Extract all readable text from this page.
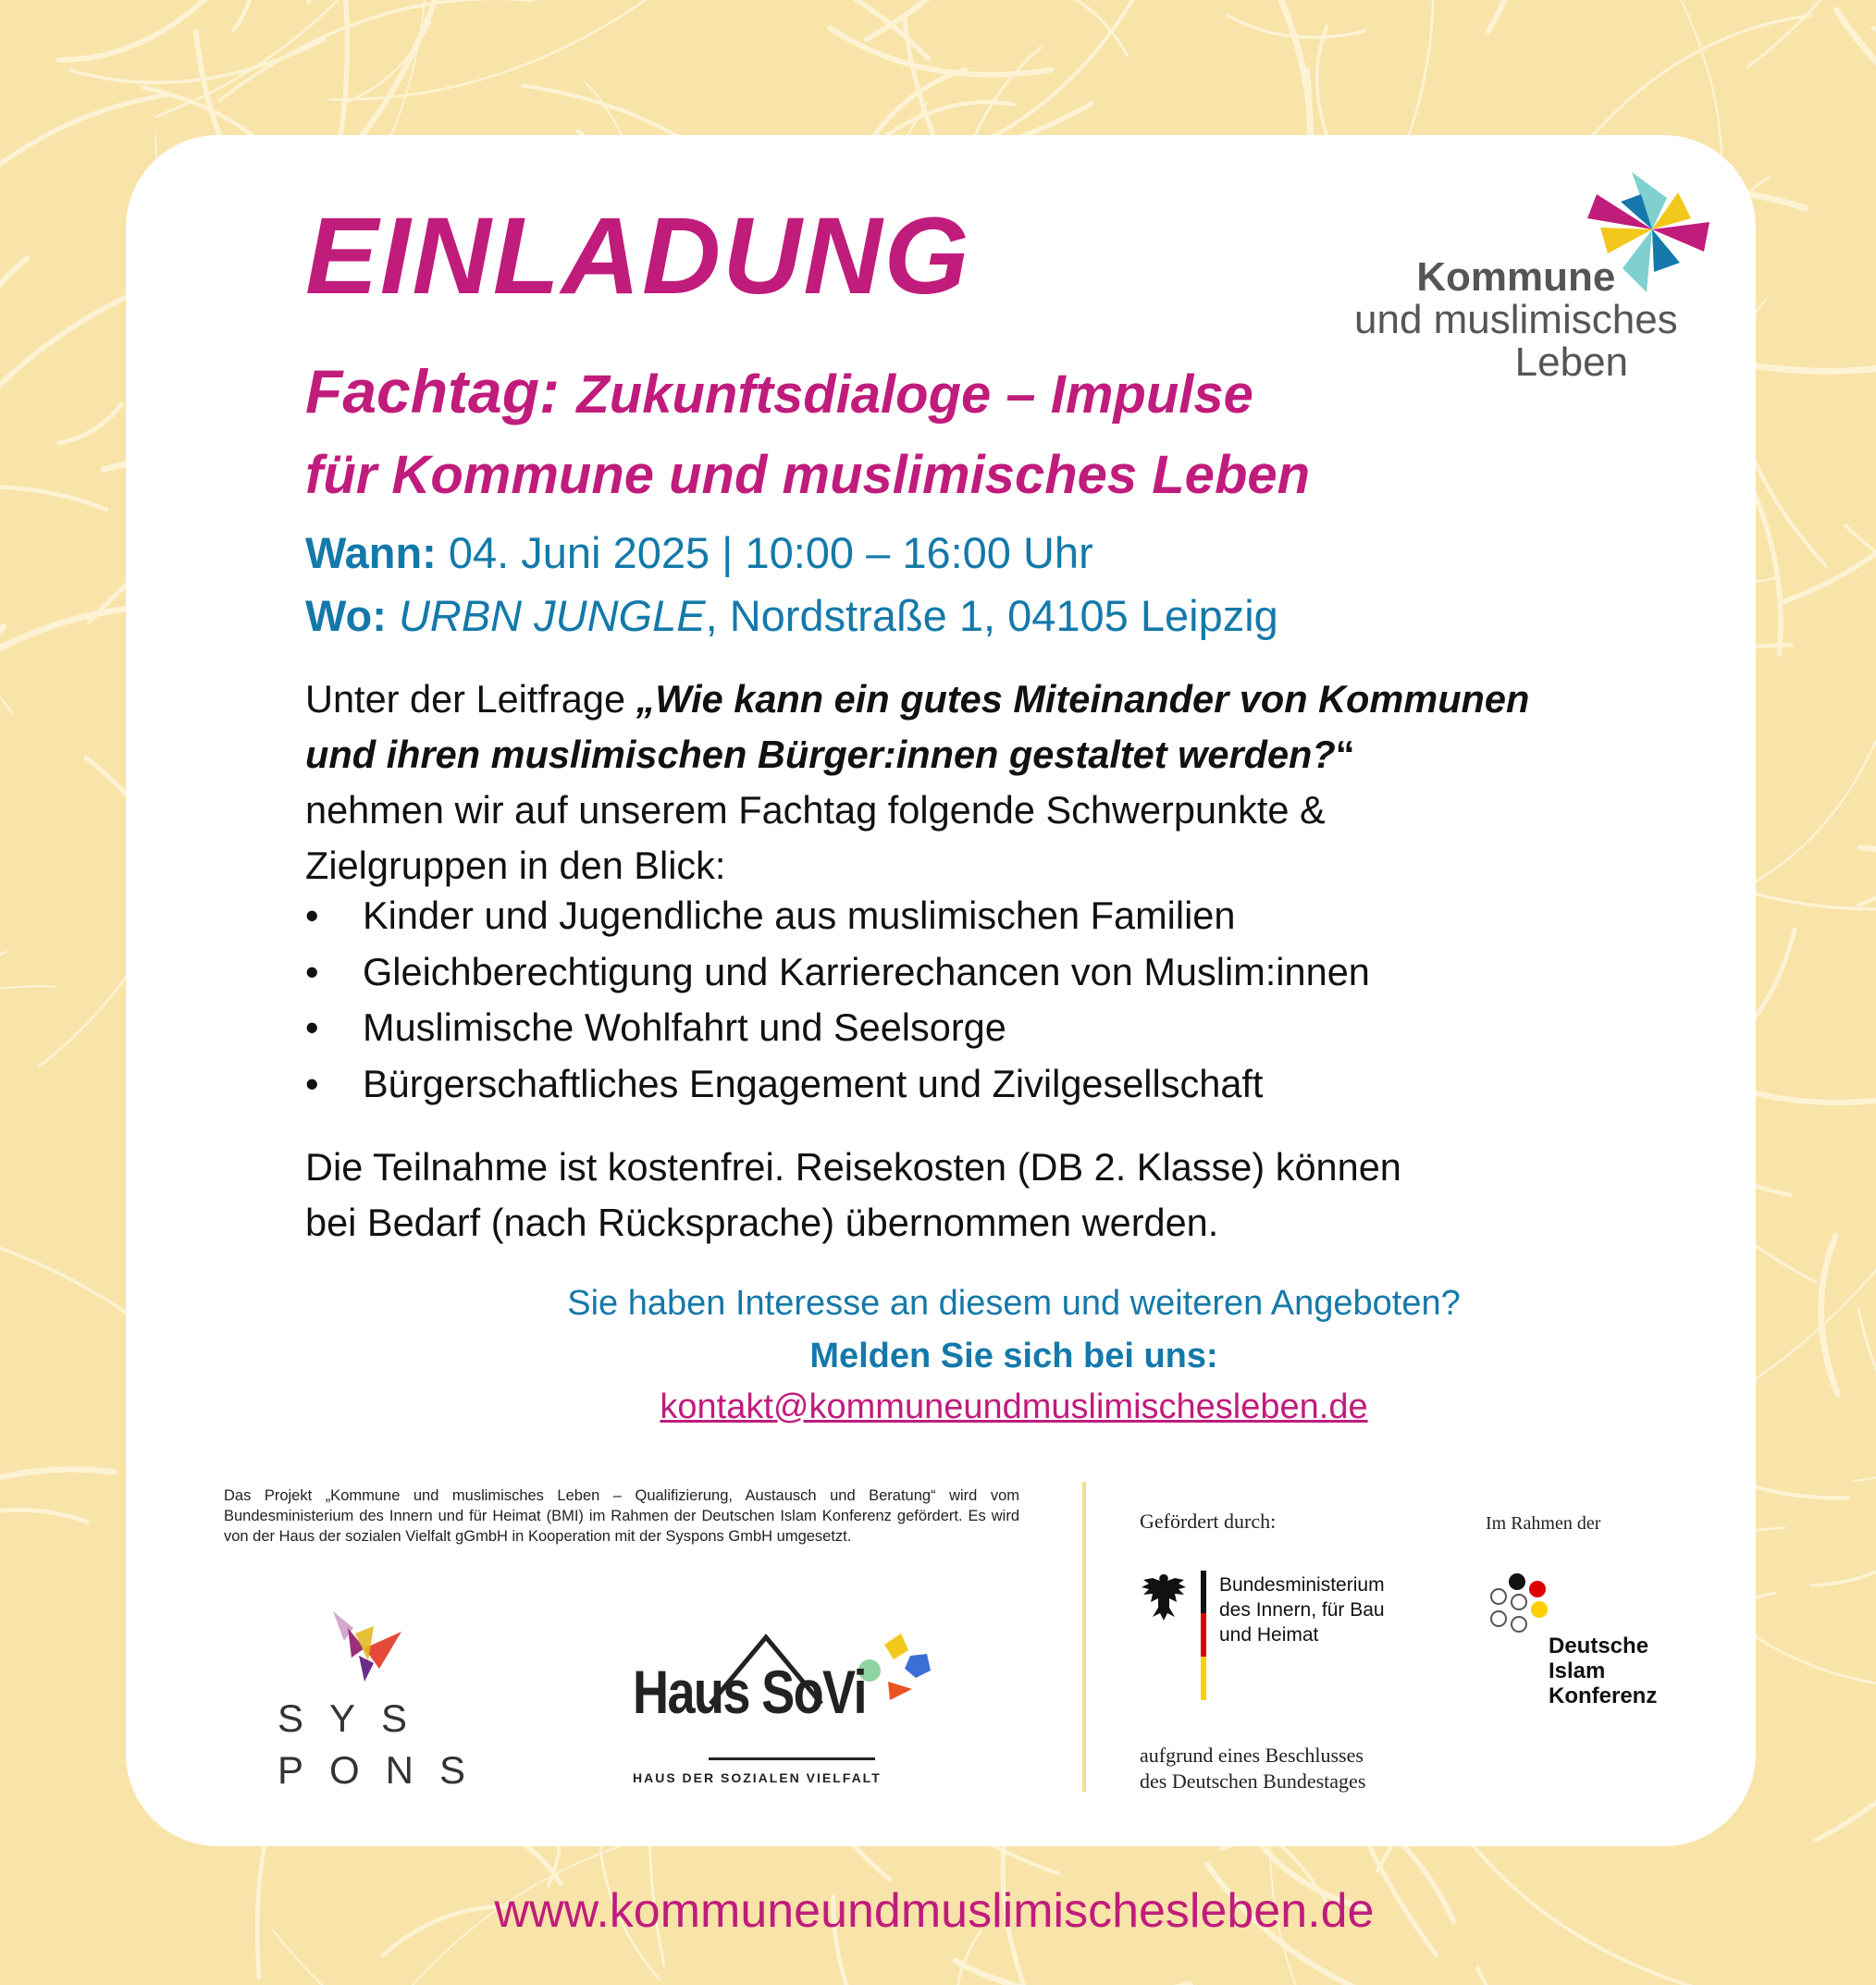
Kommune
und muslimisches
Leben
EINLADUNG
Fachtag: Zukunftsdialoge – Impulse
für Kommune und muslimisches Leben
Wann: 04. Juni 2025 | 10:00 – 16:00 Uhr
Wo: URBN JUNGLE, Nordstraße 1, 04105 Leipzig
Unter der Leitfrage „Wie kann ein gutes Miteinander von Kommunen
und ihren muslimischen Bürger:innen gestaltet werden?“
nehmen wir auf unserem Fachtag folgende Schwerpunkte &
Zielgruppen in den Blick:
• Kinder und Jugendliche aus muslimischen Familien
• Gleichberechtigung und Karrierechancen von Muslim:innen
• Muslimische Wohlfahrt und Seelsorge
• Bürgerschaftliches Engagement und Zivilgesellschaft
Die Teilnahme ist kostenfrei. Reisekosten (DB 2. Klasse) können
bei Bedarf (nach Rücksprache) übernommen werden.
Sie haben Interesse an diesem und weiteren Angeboten?
Melden Sie sich bei uns:
kontakt@kommuneundmuslimischesleben.de
Das Projekt „Kommune und muslimisches Leben – Qualifizierung, Austausch und Beratung“ wird vom Bundesministerium des Innern und für Heimat (BMI) im Rahmen der Deutschen Islam Konferenz gefördert. Es wird von der Haus der sozialen Vielfalt gGmbH in Kooperation mit der Syspons GmbH umgesetzt.
Gefördert durch:	Im Rahmen der
Bundesministerium
des Innern, für Bau
und Heimat
aufgrund eines Beschlusses
des Deutschen Bundestages
Deutsche
Islam
Konferenz
SYS
PONS
Haus SoVi
HAUS DER SOZIALEN VIELFALT
www.kommuneundmuslimischesleben.de
